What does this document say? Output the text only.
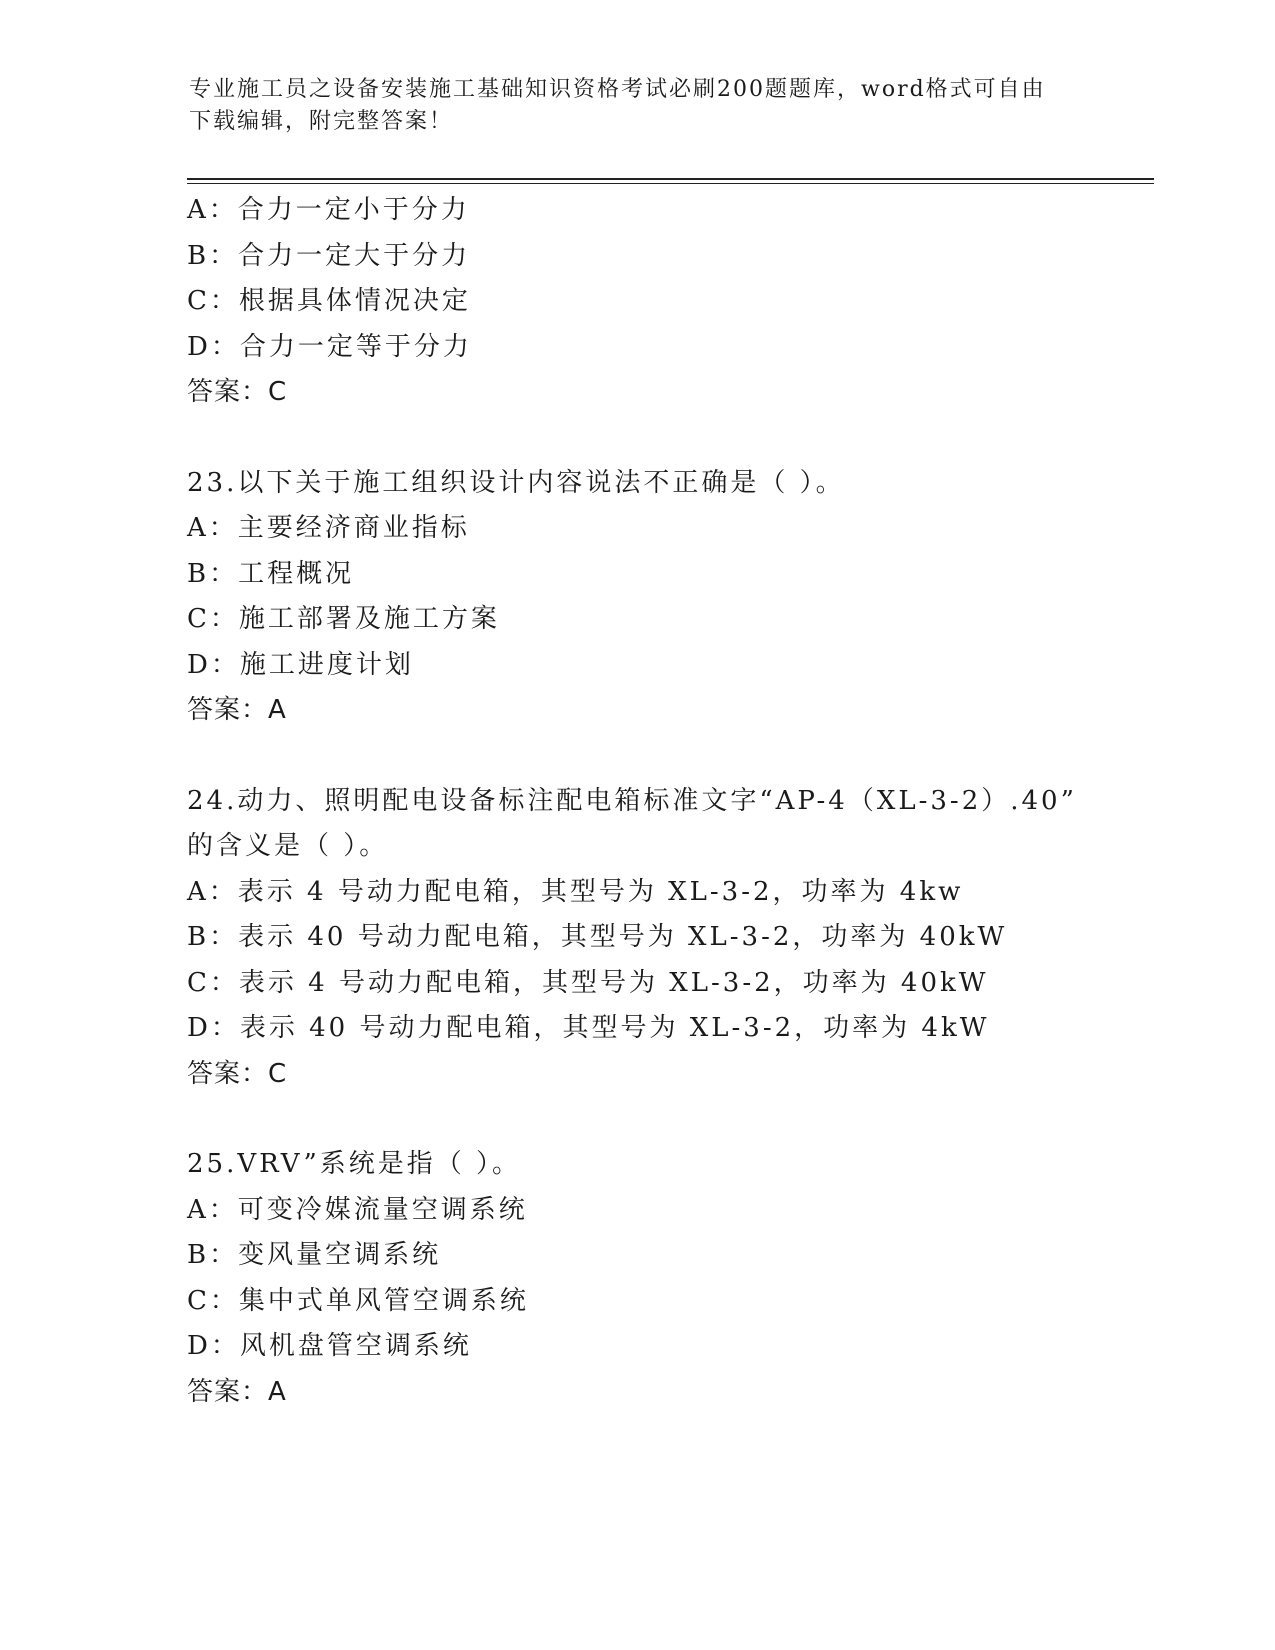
专业施工员之设备安装施工基础知识资格考试必刷200题题库，word格式可自由
下载编辑，附完整答案！
A：合力一定小于分力
B：合力一定大于分力
C：根据具体情况决定
D：合力一定等于分力
答案：C
23.以下关于施工组织设计内容说法不正确是（ ）。
A：主要经济商业指标
B：工程概况
C：施工部署及施工方案
D：施工进度计划
答案：A
24.动力、照明配电设备标注配电箱标准文字“AP-4（XL-3-2）.40”
的含义是（ ）。
A：表示 4 号动力配电箱，其型号为 XL-3-2，功率为 4kw
B：表示 40 号动力配电箱，其型号为 XL-3-2，功率为 40kW
C：表示 4 号动力配电箱，其型号为 XL-3-2，功率为 40kW
D：表示 40 号动力配电箱，其型号为 XL-3-2，功率为 4kW
答案：C
25.VRV”系统是指（ ）。
A：可变冷媒流量空调系统
B：变风量空调系统
C：集中式单风管空调系统
D：风机盘管空调系统
答案：A
